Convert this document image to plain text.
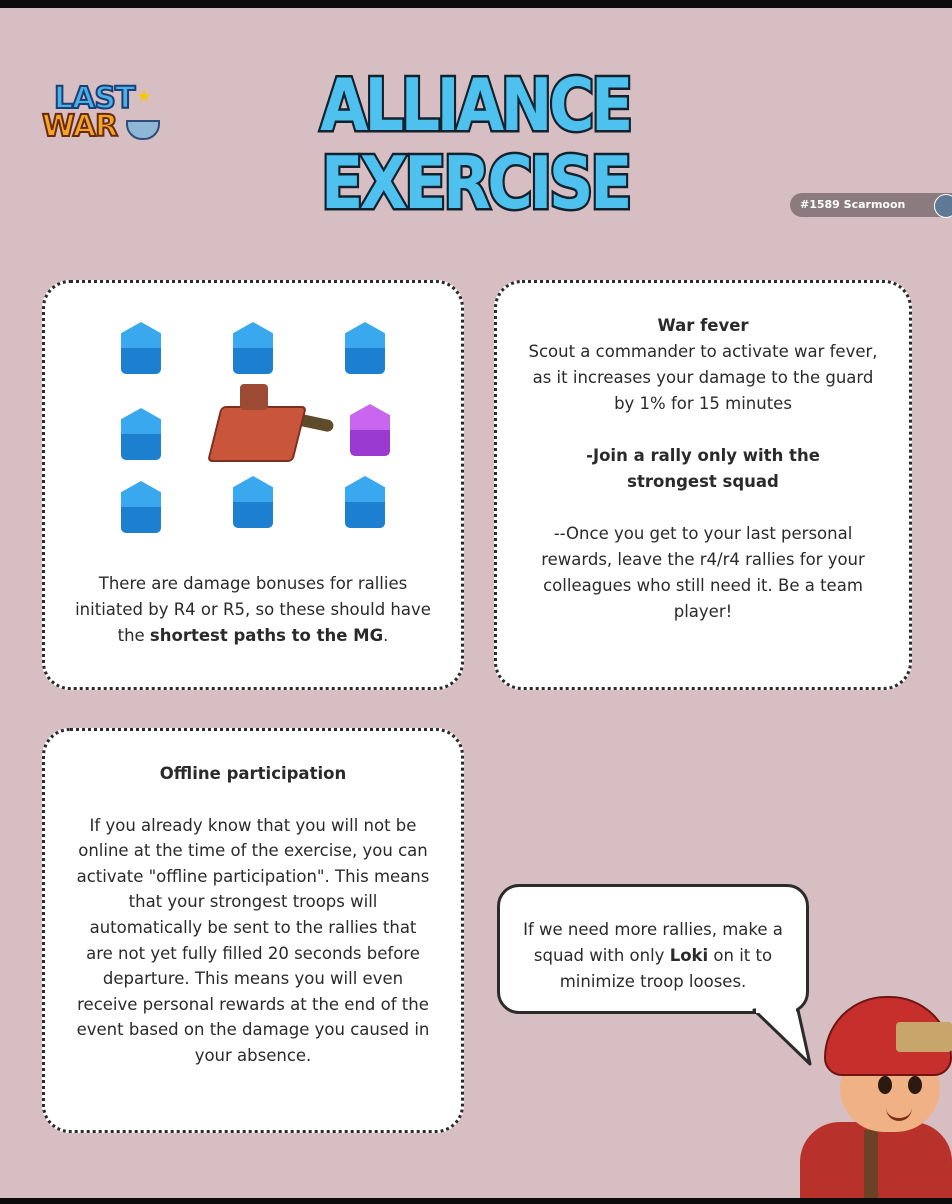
LAST
WAR
★ ALLIANCE
EXERCISE	#1589 Scarmoon
There are damage bonuses for rallies initiated by R4 or R5, so these should have the shortest paths to the MG.
War fever
Scout a commander to activate war fever, as it increases your damage to the guard by 1% for 15 minutes
-Join a rally only with the strongest squad
--Once you get to your last personal rewards, leave the r4/r4 rallies for your colleagues who still need it. Be a team player!
Offline participation
If you already know that you will not be online at the time of the exercise, you can activate "offline participation". This means that your strongest troops will automatically be sent to the rallies that are not yet fully filled 20 seconds before departure. This means you will even receive personal rewards at the end of the event based on the damage you caused in your absence.
If we need more rallies, make a squad with only Loki on it to minimize troop looses.
